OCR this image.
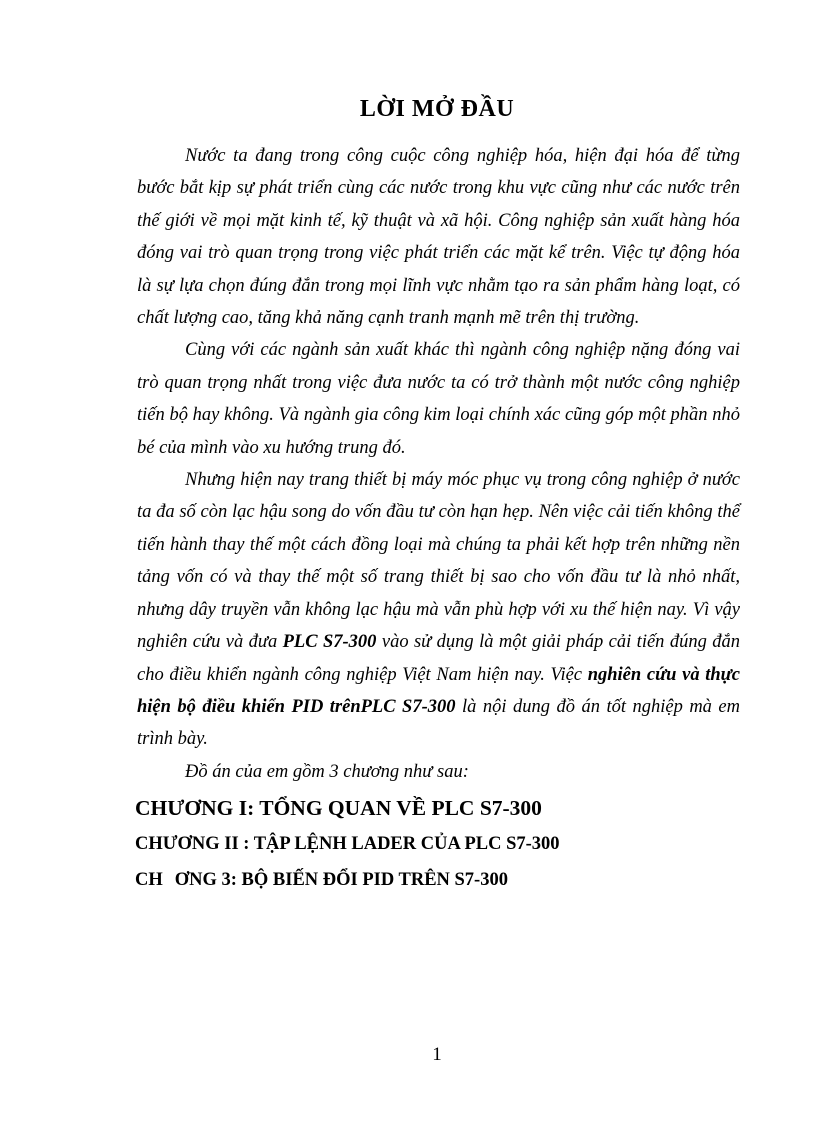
LỜI MỞ ĐẦU

Nước ta đang trong công cuộc công nghiệp hóa, hiện đại hóa để từng bước bắt kịp sự phát triển cùng các nước trong khu vực cũng như các nước trên thế giới về mọi mặt kinh tế, kỹ thuật và xã hội. Công nghiệp sản xuất hàng hóa đóng vai trò quan trọng trong việc phát triển các mặt kể trên. Việc tự động hóa là sự lựa chọn đúng đắn trong mọi lĩnh vực nhằm tạo ra sản phẩm hàng loạt, có chất lượng cao, tăng khả năng cạnh tranh mạnh mẽ trên thị trường.

Cùng với các ngành sản xuất khác thì ngành công nghiệp nặng đóng vai trò quan trọng nhất trong việc đưa nước ta có trở thành một nước công nghiệp tiến bộ hay không. Và ngành gia công kim loại chính xác cũng góp một phần nhỏ bé của mình vào xu hướng trung đó.

Nhưng hiện nay trang thiết bị máy móc phục vụ trong công nghiệp ở nước ta đa số còn lạc hậu song do vốn đầu tư còn hạn hẹp. Nên việc cải tiến không thể tiến hành thay thế một cách đồng loại mà chúng ta phải kết hợp trên những nền tảng vốn có và thay thế một số trang thiết bị sao cho vốn đầu tư là nhỏ nhất, nhưng dây truyền vẫn không lạc hậu mà vẫn phù hợp với xu thế hiện nay. Vì vậy nghiên cứu và đưa PLC S7-300 vào sử dụng là một giải pháp cải tiến đúng đắn cho điều khiển ngành công nghiệp Việt Nam hiện nay. Việc nghiên cứu và thực hiện bộ điều khiển PID trênPLC S7-300 là nội dung đồ án tốt nghiệp mà em trình bày.

Đồ án của em gồm 3 chương như sau:

CHƯƠNG I: TỔNG QUAN VỀ PLC S7-300

CHƯƠNG II : TẬP LỆNH LADER CỦA PLC S7-300

CH ƠNG 3: BỘ BIẾN ĐỔI PID TRÊN S7-300

1
